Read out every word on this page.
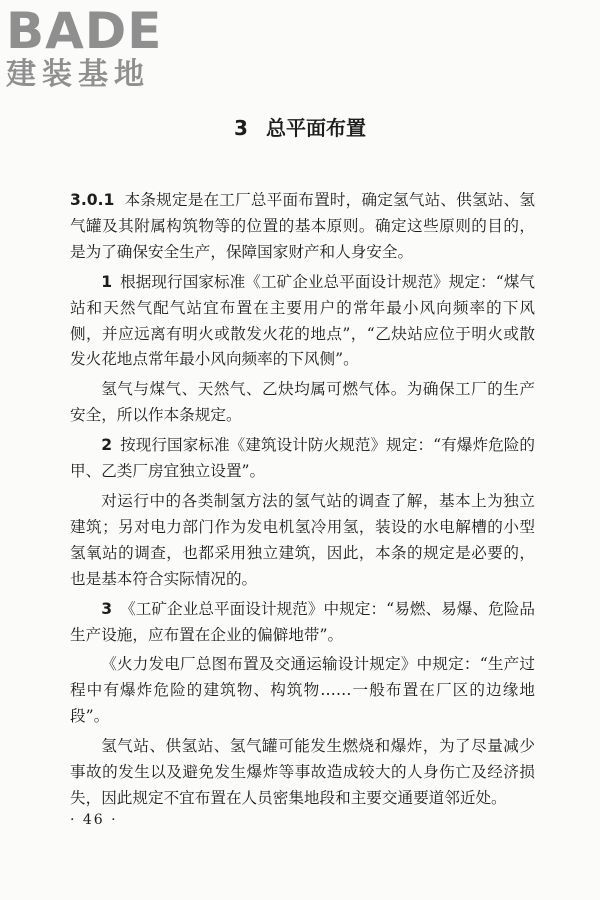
BADE
建装基地
3 总平面布置

3.0.1 本条规定是在工厂总平面布置时，确定氢气站、供氢站、氢气罐及其附属构筑物等的位置的基本原则。确定这些原则的目的，是为了确保安全生产，保障国家财产和人身安全。

1 根据现行国家标准《工矿企业总平面设计规范》规定：“煤气站和天然气配气站宜布置在主要用户的常年最小风向频率的下风侧，并应远离有明火或散发火花的地点”，“乙炔站应位于明火或散发火花地点常年最小风向频率的下风侧”。

氢气与煤气、天然气、乙炔均属可燃气体。为确保工厂的生产安全，所以作本条规定。

2 按现行国家标准《建筑设计防火规范》规定：“有爆炸危险的甲、乙类厂房宜独立设置”。

对运行中的各类制氢方法的氢气站的调查了解，基本上为独立建筑；另对电力部门作为发电机氢冷用氢，装设的水电解槽的小型氢氧站的调查，也都采用独立建筑，因此，本条的规定是必要的，也是基本符合实际情况的。

3 《工矿企业总平面设计规范》中规定：“易燃、易爆、危险品生产设施，应布置在企业的偏僻地带”。

《火力发电厂总图布置及交通运输设计规定》中规定：“生产过程中有爆炸危险的建筑物、构筑物……一般布置在厂区的边缘地段”。

氢气站、供氢站、氢气罐可能发生燃烧和爆炸，为了尽量减少事故的发生以及避免发生爆炸等事故造成较大的人身伤亡及经济损失，因此规定不宜布置在人员密集地段和主要交通要道邻近处。

· 46 ·
